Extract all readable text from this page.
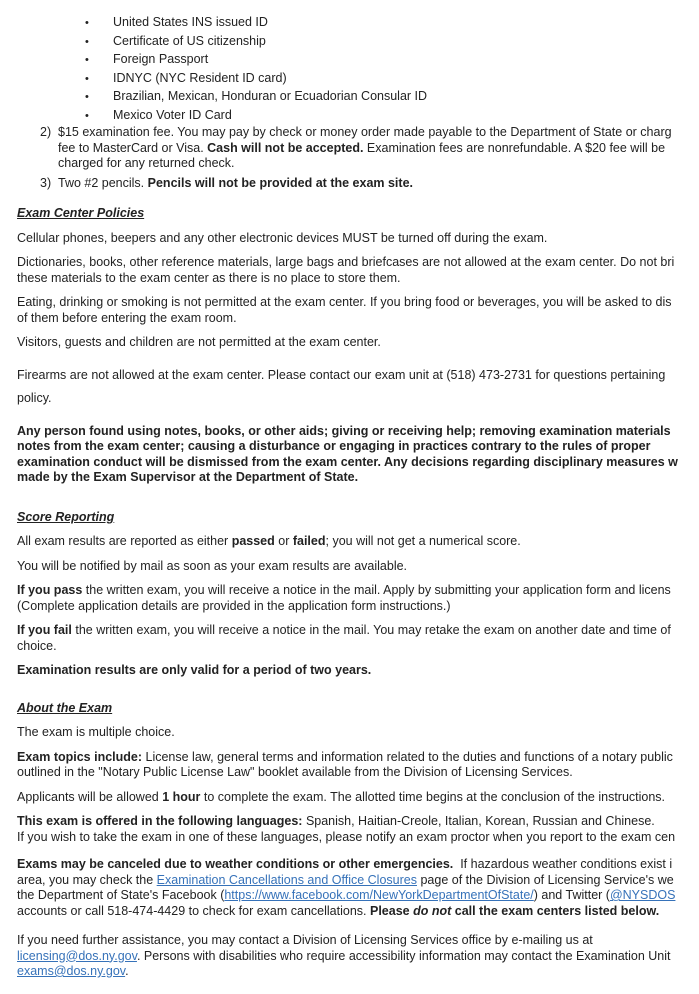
• United States INS issued ID
• Certificate of US citizenship
• Foreign Passport
• IDNYC (NYC Resident ID card)
• Brazilian, Mexican, Honduran or Ecuadorian Consular ID
• Mexico Voter ID Card
2) $15 examination fee. You may pay by check or money order made payable to the Department of State or charg
fee to MasterCard or Visa. Cash will not be accepted. Examination fees are nonrefundable. A $20 fee will be
charged for any returned check.
3) Two #2 pencils. Pencils will not be provided at the exam site.
Exam Center Policies
Cellular phones, beepers and any other electronic devices MUST be turned off during the exam.
Dictionaries, books, other reference materials, large bags and briefcases are not allowed at the exam center. Do not bri
these materials to the exam center as there is no place to store them.
Eating, drinking or smoking is not permitted at the exam center. If you bring food or beverages, you will be asked to dis
of them before entering the exam room.
Visitors, guests and children are not permitted at the exam center.
Firearms are not allowed at the exam center. Please contact our exam unit at (518) 473-2731 for questions pertaining
policy.
Any person found using notes, books, or other aids; giving or receiving help; removing examination materials
notes from the exam center; causing a disturbance or engaging in practices contrary to the rules of proper
examination conduct will be dismissed from the exam center. Any decisions regarding disciplinary measures w
made by the Exam Supervisor at the Department of State.
Score Reporting
All exam results are reported as either passed or failed; you will not get a numerical score.
You will be notified by mail as soon as your exam results are available.
If you pass the written exam, you will receive a notice in the mail. Apply by submitting your application form and licens
(Complete application details are provided in the application form instructions.)
If you fail the written exam, you will receive a notice in the mail. You may retake the exam on another date and time of
choice.
Examination results are only valid for a period of two years.
About the Exam
The exam is multiple choice.
Exam topics include: License law, general terms and information related to the duties and functions of a notary public
outlined in the "Notary Public License Law" booklet available from the Division of Licensing Services.
Applicants will be allowed 1 hour to complete the exam. The allotted time begins at the conclusion of the instructions.
This exam is offered in the following languages: Spanish, Haitian-Creole, Italian, Korean, Russian and Chinese.
If you wish to take the exam in one of these languages, please notify an exam proctor when you report to the exam cen
Exams may be canceled due to weather conditions or other emergencies.  If hazardous weather conditions exist i
area, you may check the Examination Cancellations and Office Closures page of the Division of Licensing Service's we
the Department of State's Facebook (https://www.facebook.com/NewYorkDepartmentOfState/) and Twitter (@NYSDOS
accounts or call 518-474-4429 to check for exam cancellations. Please do not call the exam centers listed below.
If you need further assistance, you may contact a Division of Licensing Services office by e-mailing us at
licensing@dos.ny.gov. Persons with disabilities who require accessibility information may contact the Examination Unit
exams@dos.ny.gov.
